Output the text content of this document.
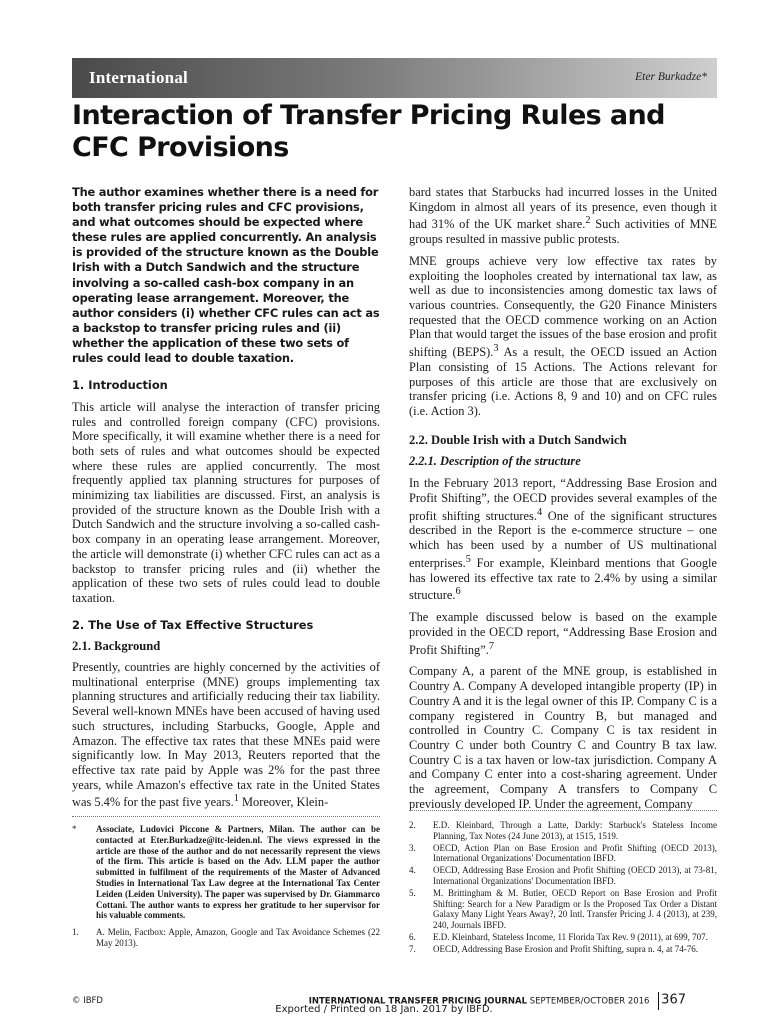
International	Eter Burkadze*
Interaction of Transfer Pricing Rules and CFC Provisions

The author examines whether there is a need for both transfer pricing rules and CFC provisions, and what outcomes should be expected where these rules are applied concurrently. An analysis is provided of the structure known as the Double Irish with a Dutch Sandwich and the structure involving a so-called cash-box company in an operating lease arrangement. Moreover, the author considers (i) whether CFC rules can act as a backstop to transfer pricing rules and (ii) whether the application of these two sets of rules could lead to double taxation.

1. Introduction

This article will analyse the interaction of transfer pricing rules and controlled foreign company (CFC) provisions. More specifically, it will examine whether there is a need for both sets of rules and what outcomes should be expected where these rules are applied concurrently. The most frequently applied tax planning structures for purposes of minimizing tax liabilities are discussed. First, an analysis is provided of the structure known as the Double Irish with a Dutch Sandwich and the structure involving a so-called cash-box company in an operating lease arrangement. Moreover, the article will demonstrate (i) whether CFC rules can act as a backstop to transfer pricing rules and (ii) whether the application of these two sets of rules could lead to double taxation.

2. The Use of Tax Effective Structures
2.1. Background

Presently, countries are highly concerned by the activities of multinational enterprise (MNE) groups implementing tax planning structures and artificially reducing their tax liability. Several well-known MNEs have been accused of having used such structures, including Starbucks, Google, Apple and Amazon. The effective tax rates that these MNEs paid were significantly low. In May 2013, Reuters reported that the effective tax rate paid by Apple was 2% for the past three years, while Amazon's effective tax rate in the United States was 5.4% for the past five years.$^1$ Moreover, Klein-

bard states that Starbucks had incurred losses in the United Kingdom in almost all years of its presence, even though it had 31% of the UK market share.$^2$ Such activities of MNE groups resulted in massive public protests.

MNE groups achieve very low effective tax rates by exploiting the loopholes created by international tax law, as well as due to inconsistencies among domestic tax laws of various countries. Consequently, the G20 Finance Ministers requested that the OECD commence working on an Action Plan that would target the issues of the base erosion and profit shifting (BEPS).$^3$ As a result, the OECD issued an Action Plan consisting of 15 Actions. The Actions relevant for purposes of this article are those that are exclusively on transfer pricing (i.e. Actions 8, 9 and 10) and on CFC rules (i.e. Action 3).

2.2. Double Irish with a Dutch Sandwich
2.2.1. Description of the structure

In the February 2013 report, “Addressing Base Erosion and Profit Shifting”, the OECD provides several examples of the profit shifting structures.$^4$ One of the significant structures described in the Report is the e-commerce structure – one which has been used by a number of US multinational enterprises.$^5$ For example, Kleinbard mentions that Google has lowered its effective tax rate to 2.4% by using a similar structure.$^6$

The example discussed below is based on the example provided in the OECD report, “Addressing Base Erosion and Profit Shifting”.$^7$

Company A, a parent of the MNE group, is established in Country A. Company A developed intangible property (IP) in Country A and it is the legal owner of this IP. Company C is a company registered in Country B, but managed and controlled in Country C. Company C is tax resident in Country C under both Country C and Country B tax law. Country C is a tax haven or low-tax jurisdiction. Company A and Company C enter into a cost-sharing agreement. Under the agreement, Company A transfers to Company C previously developed IP. Under the agreement, Company

*	Associate, Ludovici Piccone & Partners, Milan. The author can be contacted at Eter.Burkadze@itc-leiden.nl. The views expressed in the article are those of the author and do not necessarily represent the views of the firm. This article is based on the Adv. LLM paper the author submitted in fulfilment of the requirements of the Master of Advanced Studies in International Tax Law degree at the International Tax Center Leiden (Leiden University). The paper was supervised by Dr. Giammarco Cottani. The author wants to express her gratitude to her supervisor for his valuable comments.
1.	A. Melin, Factbox: Apple, Amazon, Google and Tax Avoidance Schemes (22 May 2013).
2.	E.D. Kleinbard, Through a Latte, Darkly: Starbuck's Stateless Income Planning, Tax Notes (24 June 2013), at 1515, 1519.
3.	OECD, Action Plan on Base Erosion and Profit Shifting (OECD 2013), International Organizations' Documentation IBFD.
4.	OECD, Addressing Base Erosion and Profit Shifting (OECD 2013), at 73-81, International Organizations' Documentation IBFD.
5.	M. Brittingham & M. Butler, OECD Report on Base Erosion and Profit Shifting: Search for a New Paradigm or Is the Proposed Tax Order a Distant Galaxy Many Light Years Away?, 20 Intl. Transfer Pricing J. 4 (2013), at 239, 240, Journals IBFD.
6.	E.D. Kleinbard, Stateless Income, 11 Florida Tax Rev. 9 (2011), at 699, 707.
7.	OECD, Addressing Base Erosion and Profit Shifting, supra n. 4, at 74-76.
© IBFD	INTERNATIONAL TRANSFER PRICING JOURNAL SEPTEMBER/OCTOBER 2016 367
Exported / Printed on 18 Jan. 2017 by IBFD.
